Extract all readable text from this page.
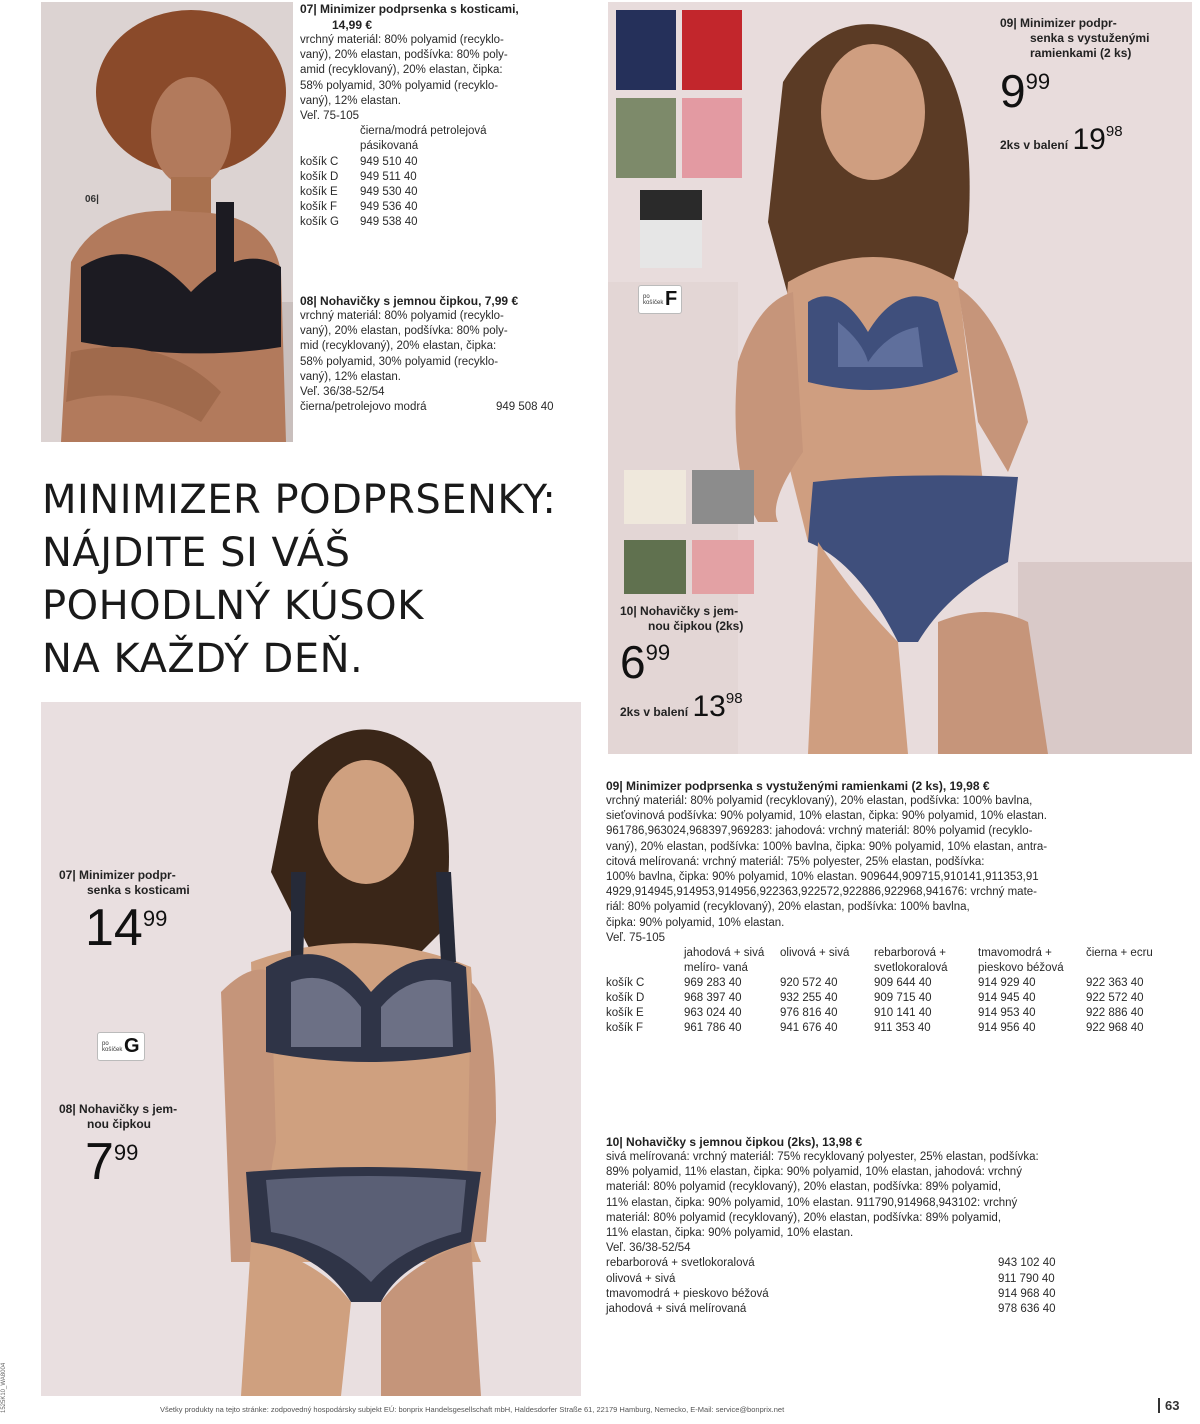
06|
07| Minimizer podprsenka s kosticami,
14,99 €
vrchný materiál: 80% polyamid (recyklo-
vaný), 20% elastan, podšívka: 80% poly-
amid (recyklovaný), 20% elastan, čipka:
58% polyamid, 30% polyamid (recyklo-
vaný), 12% elastan.
Veľ. 75-105
čierna/modrá petrolejová
pásikovaná
košík C	949 510 40
košík D	949 511 40
košík E	949 530 40
košík F	949 536 40
košík G	949 538 40
08| Nohavičky s jemnou čipkou, 7,99 €
vrchný materiál: 80% polyamid (recyklo-
vaný), 20% elastan, podšívka: 80% poly-
mid (recyklovaný), 20% elastan, čipka:
58% polyamid, 30% polyamid (recyklo-
vaný), 12% elastan.
Veľ. 36/38-52/54
čierna/petrolejovo modrá	949 508 40
MINIMIZER PODPRSENKY:
NÁJDITE SI VÁŠ
POHODLNÝ KÚSOK
NA KAŽDÝ DEŇ.
po košíček F
09| Minimizer podpr-
senka s vystuženými
ramienkami (2 ks)
$9^{99}$
2ks v balení $19^{98}$
10| Nohavičky s jem-
nou čipkou (2ks)
$6^{99}$
2ks v balení $13^{98}$
07| Minimizer podpr-
senka s kosticami
$14^{99}$
po košíček G
08| Nohavičky s jem-
nou čipkou
$7^{99}$
09| Minimizer podprsenka s vystuženými ramienkami (2 ks), 19,98 €
vrchný materiál: 80% polyamid (recyklovaný), 20% elastan, podšívka: 100% bavlna,
sieťovinová podšívka: 90% polyamid, 10% elastan, čipka: 90% polyamid, 10% elastan.
961786,963024,968397,969283: jahodová: vrchný materiál: 80% polyamid (recyklo-
vaný), 20% elastan, podšívka: 100% bavlna, čipka: 90% polyamid, 10% elastan, antra-
citová melírovaná: vrchný materiál: 75% polyester, 25% elastan, podšívka:
100% bavlna, čipka: 90% polyamid, 10% elastan. 909644,909715,910141,911353,91
4929,914945,914953,914956,922363,922572,922886,922968,941676: vrchný mate-
riál: 80% polyamid (recyklovaný), 20% elastan, podšívka: 100% bavlna,
čipka: 90% polyamid, 10% elastan.
Veľ. 75-105
	jahodová + sivá melíro- vaná	olivová + sivá	rebarborová + svetlokoralová	tmavomodrá + pieskovo béžová	čierna + ecru
košík C	969 283 40	920 572 40	909 644 40	914 929 40	922 363 40
košík D	968 397 40	932 255 40	909 715 40	914 945 40	922 572 40
košík E	963 024 40	976 816 40	910 141 40	914 953 40	922 886 40
košík F	961 786 40	941 676 40	911 353 40	914 956 40	922 968 40
10| Nohavičky s jemnou čipkou (2ks), 13,98 €
sivá melírovaná: vrchný materiál: 75% recyklovaný polyester, 25% elastan, podšívka:
89% polyamid, 11% elastan, čipka: 90% polyamid, 10% elastan, jahodová: vrchný
materiál: 80% polyamid (recyklovaný), 20% elastan, podšívka: 89% polyamid,
11% elastan, čipka: 90% polyamid, 10% elastan. 911790,914968,943102: vrchný
materiál: 80% polyamid (recyklovaný), 20% elastan, podšívka: 89% polyamid,
11% elastan, čipka: 90% polyamid, 10% elastan.
Veľ. 36/38-52/54
rebarborová + svetlokoralová	943 102 40
olivová + sivá	911 790 40
tmavomodrá + pieskovo béžová	914 968 40
jahodová + sivá melírovaná	978 636 40
Všetky produkty na tejto stránke: zodpovedný hospodársky subjekt EÚ: bonprix Handelsgesellschaft mbH, Haldesdorfer Straße 61, 22179 Hamburg, Nemecko, E-Mail: service@bonprix.net	63
1525K10_WA8004
